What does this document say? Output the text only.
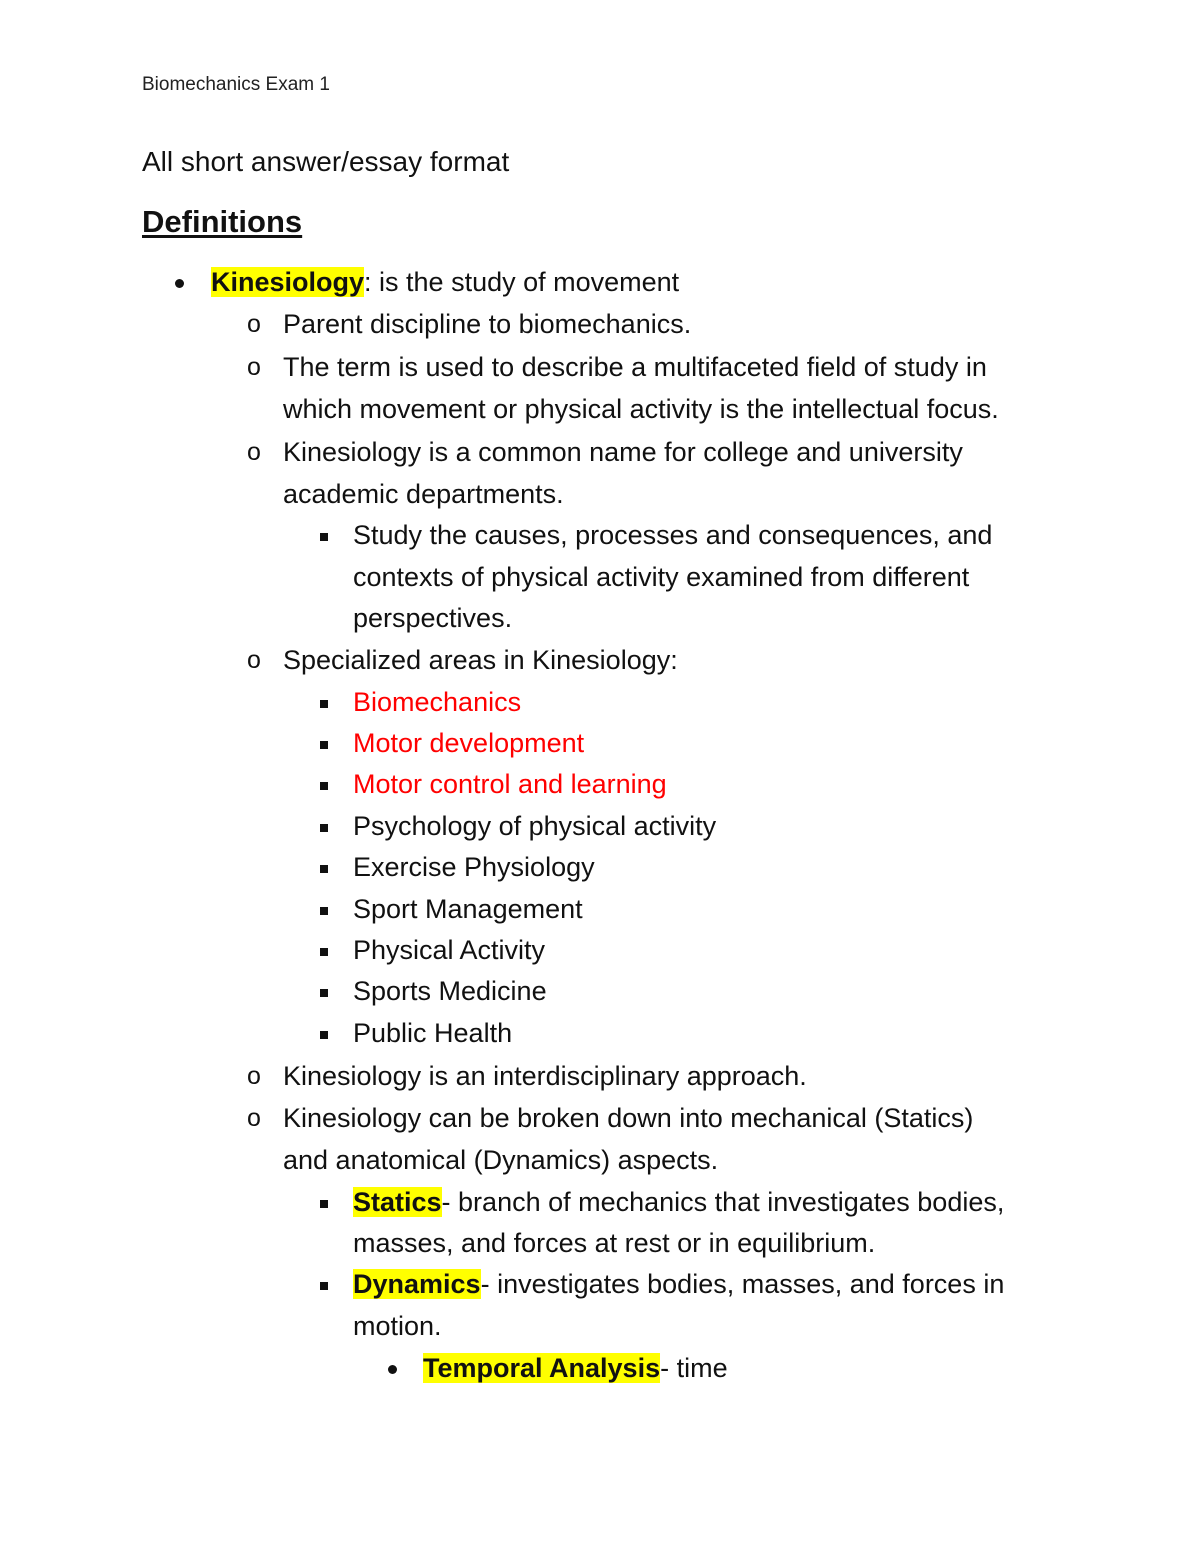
Biomechanics Exam 1
All short answer/essay format
Definitions
Kinesiology: is the study of movement
o Parent discipline to biomechanics.
o The term is used to describe a multifaceted field of study in
which movement or physical activity is the intellectual focus.
o Kinesiology is a common name for college and university
academic departments.
Study the causes, processes and consequences, and
contexts of physical activity examined from different
perspectives.
o Specialized areas in Kinesiology:
Biomechanics
Motor development
Motor control and learning
Psychology of physical activity
Exercise Physiology
Sport Management
Physical Activity
Sports Medicine
Public Health
o Kinesiology is an interdisciplinary approach.
o Kinesiology can be broken down into mechanical (Statics)
and anatomical (Dynamics) aspects.
Statics- branch of mechanics that investigates bodies,
masses, and forces at rest or in equilibrium.
Dynamics- investigates bodies, masses, and forces in
motion.
Temporal Analysis- time
